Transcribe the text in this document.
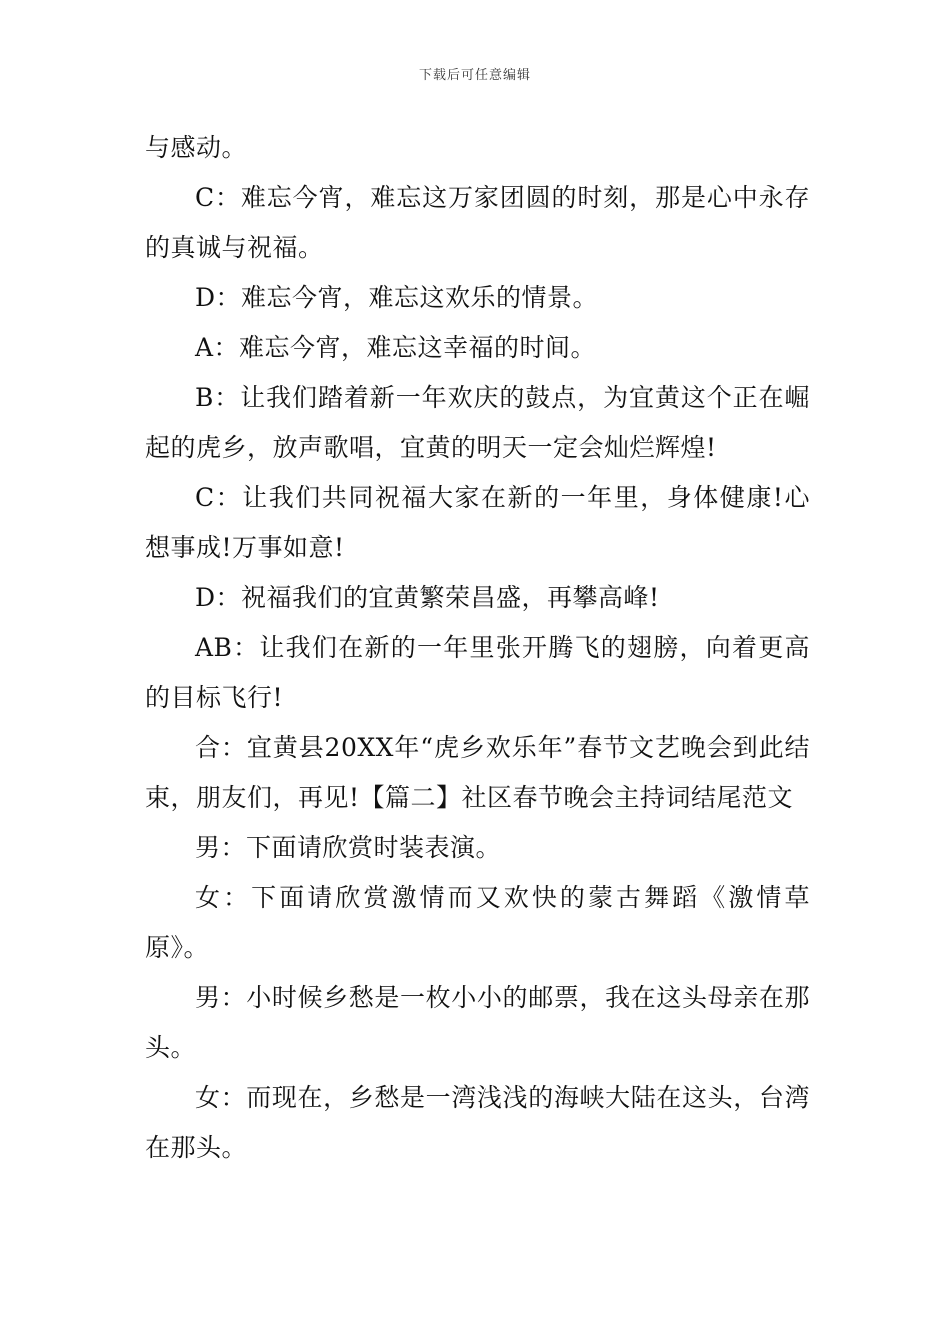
下载后可任意编辑

与感动。

C：难忘今宵，难忘这万家团圆的时刻，那是心中永存的真诚与祝福。

D：难忘今宵，难忘这欢乐的情景。

A：难忘今宵，难忘这幸福的时间。

B：让我们踏着新一年欢庆的鼓点，为宜黄这个正在崛起的虎乡，放声歌唱，宜黄的明天一定会灿烂辉煌!

C：让我们共同祝福大家在新的一年里，身体健康!心想事成!万事如意!

D：祝福我们的宜黄繁荣昌盛，再攀高峰!

AB：让我们在新的一年里张开腾飞的翅膀，向着更高的目标飞行!

合：宜黄县20XX年“虎乡欢乐年”春节文艺晚会到此结束，朋友们，再见!【篇二】社区春节晚会主持词结尾范文

男：下面请欣赏时装表演。

女：下面请欣赏激情而又欢快的蒙古舞蹈《激情草原》。

男：小时候乡愁是一枚小小的邮票，我在这头母亲在那头。

女：而现在，乡愁是一湾浅浅的海峡大陆在这头，台湾在那头。
